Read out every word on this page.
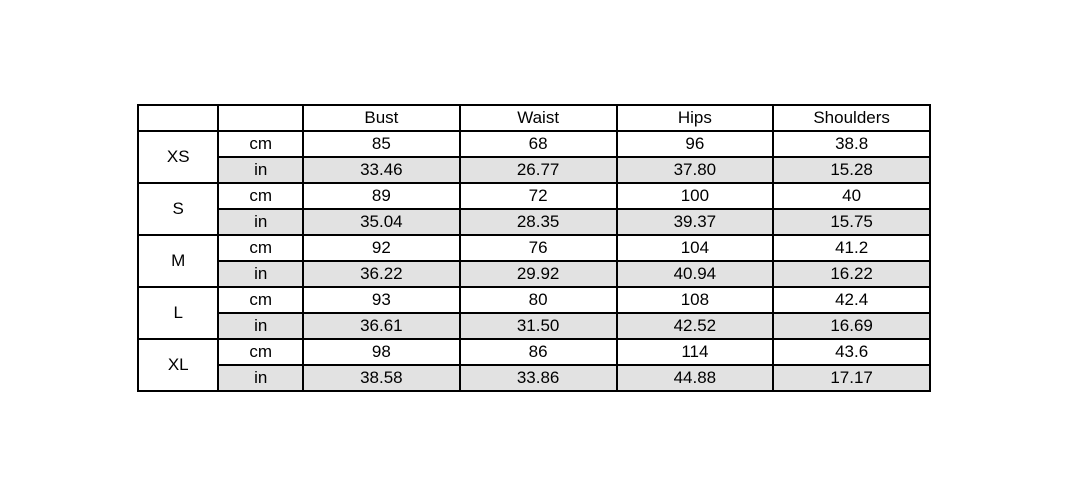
		Bust	Waist	Hips	Shoulders
XS	cm	85	68	96	38.8
	in	33.46	26.77	37.80	15.28
S	cm	89	72	100	40
	in	35.04	28.35	39.37	15.75
M	cm	92	76	104	41.2
	in	36.22	29.92	40.94	16.22
L	cm	93	80	108	42.4
	in	36.61	31.50	42.52	16.69
XL	cm	98	86	114	43.6
	in	38.58	33.86	44.88	17.17
